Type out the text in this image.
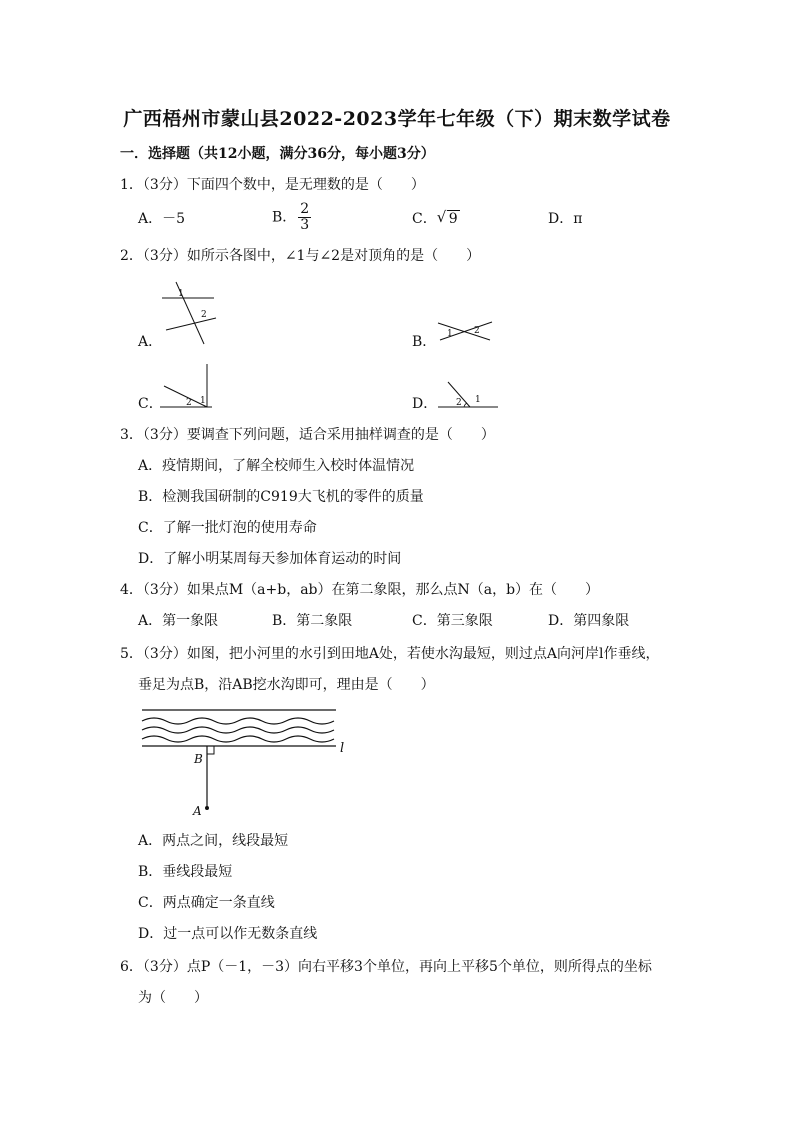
广西梧州市蒙山县2022-2023学年七年级（下）期末数学试卷
一．选择题（共12小题，满分36分，每小题3分）
1．（3分）下面四个数中，是无理数的是（　　）
A．－5	B． $\frac{2}{3}$	C． √ 9	D．π
2．（3分）如所示各图中，∠1与∠2是对顶角的是（　　）
A．
1
2
B． 1 2
C．	2 1	D． 2 1
3．（3分）要调查下列问题，适合采用抽样调查的是（　　）
A．疫情期间，了解全校师生入校时体温情况
B．检测我国研制的C919大飞机的零件的质量
C．了解一批灯泡的使用寿命
D．了解小明某周每天参加体育运动的时间
4．（3分）如果点M（a+b，ab）在第二象限，那么点N（a，b）在（　　）
A．第一象限	B．第二象限	C．第三象限	D．第四象限
5．（3分）如图，把小河里的水引到田地A处，若使水沟最短，则过点A向河岸l作垂线，
垂足为点B，沿AB挖水沟即可，理由是（　　）
l
B
A
A．两点之间，线段最短
B．垂线段最短
C．两点确定一条直线
D．过一点可以作无数条直线
6．（3分）点P（－1，－3）向右平移3个单位，再向上平移5个单位，则所得点的坐标
为（　　）
